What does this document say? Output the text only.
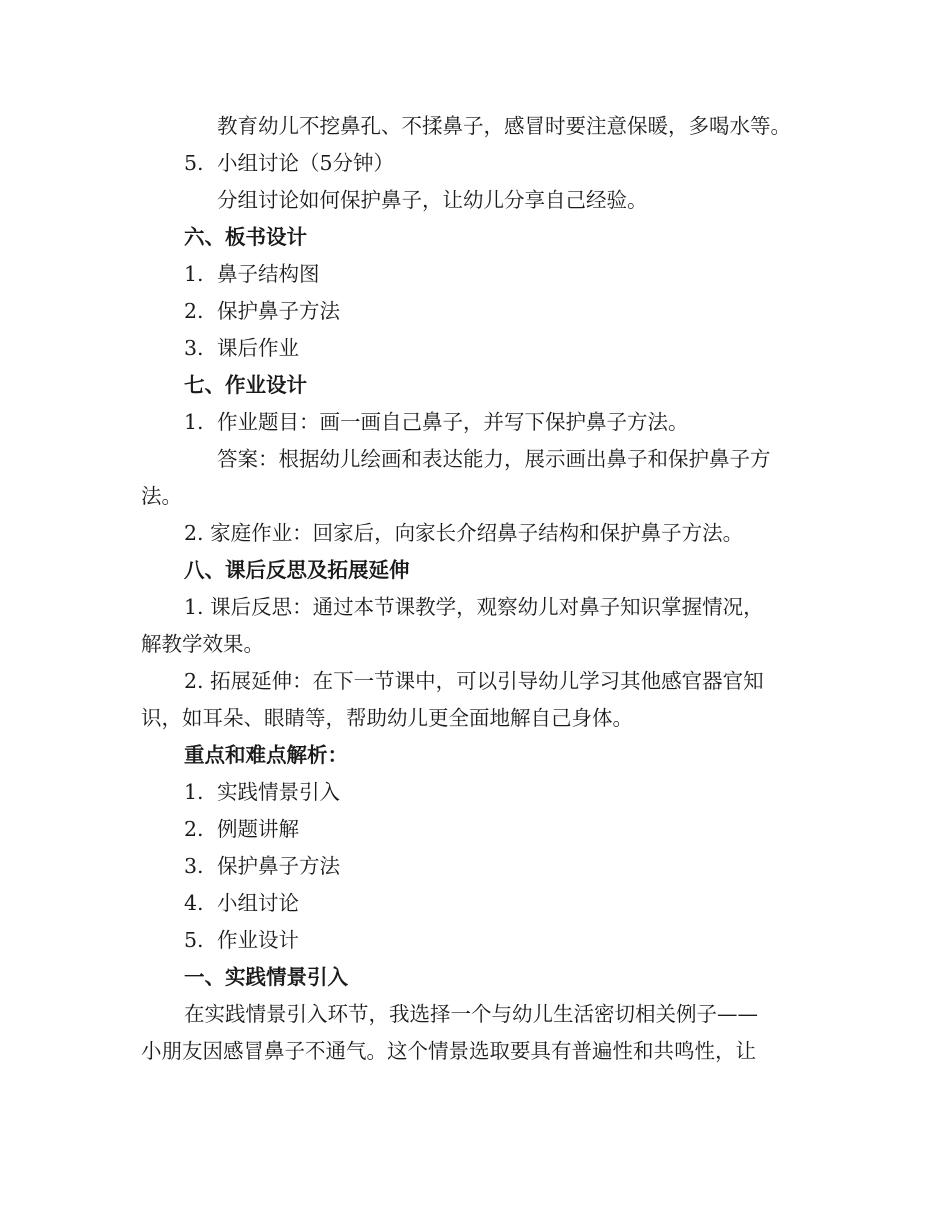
教育幼儿不挖鼻孔、不揉鼻子，感冒时要注意保暖，多喝水等。
5. 小组讨论（5分钟）
分组讨论如何保护鼻子，让幼儿分享自己经验。
六、板书设计
1. 鼻子结构图
2. 保护鼻子方法
3. 课后作业
七、作业设计
1. 作业题目：画一画自己鼻子，并写下保护鼻子方法。
答案：根据幼儿绘画和表达能力，展示画出鼻子和保护鼻子方
法。
2. 家庭作业：回家后，向家长介绍鼻子结构和保护鼻子方法。
八、课后反思及拓展延伸
1. 课后反思：通过本节课教学，观察幼儿对鼻子知识掌握情况，
解教学效果。
2. 拓展延伸：在下一节课中，可以引导幼儿学习其他感官器官知
识，如耳朵、眼睛等，帮助幼儿更全面地解自己身体。
重点和难点解析：
1. 实践情景引入
2. 例题讲解
3. 保护鼻子方法
4. 小组讨论
5. 作业设计
一、实践情景引入
在实践情景引入环节，我选择一个与幼儿生活密切相关例子——
小朋友因感冒鼻子不通气。这个情景选取要具有普遍性和共鸣性，让
